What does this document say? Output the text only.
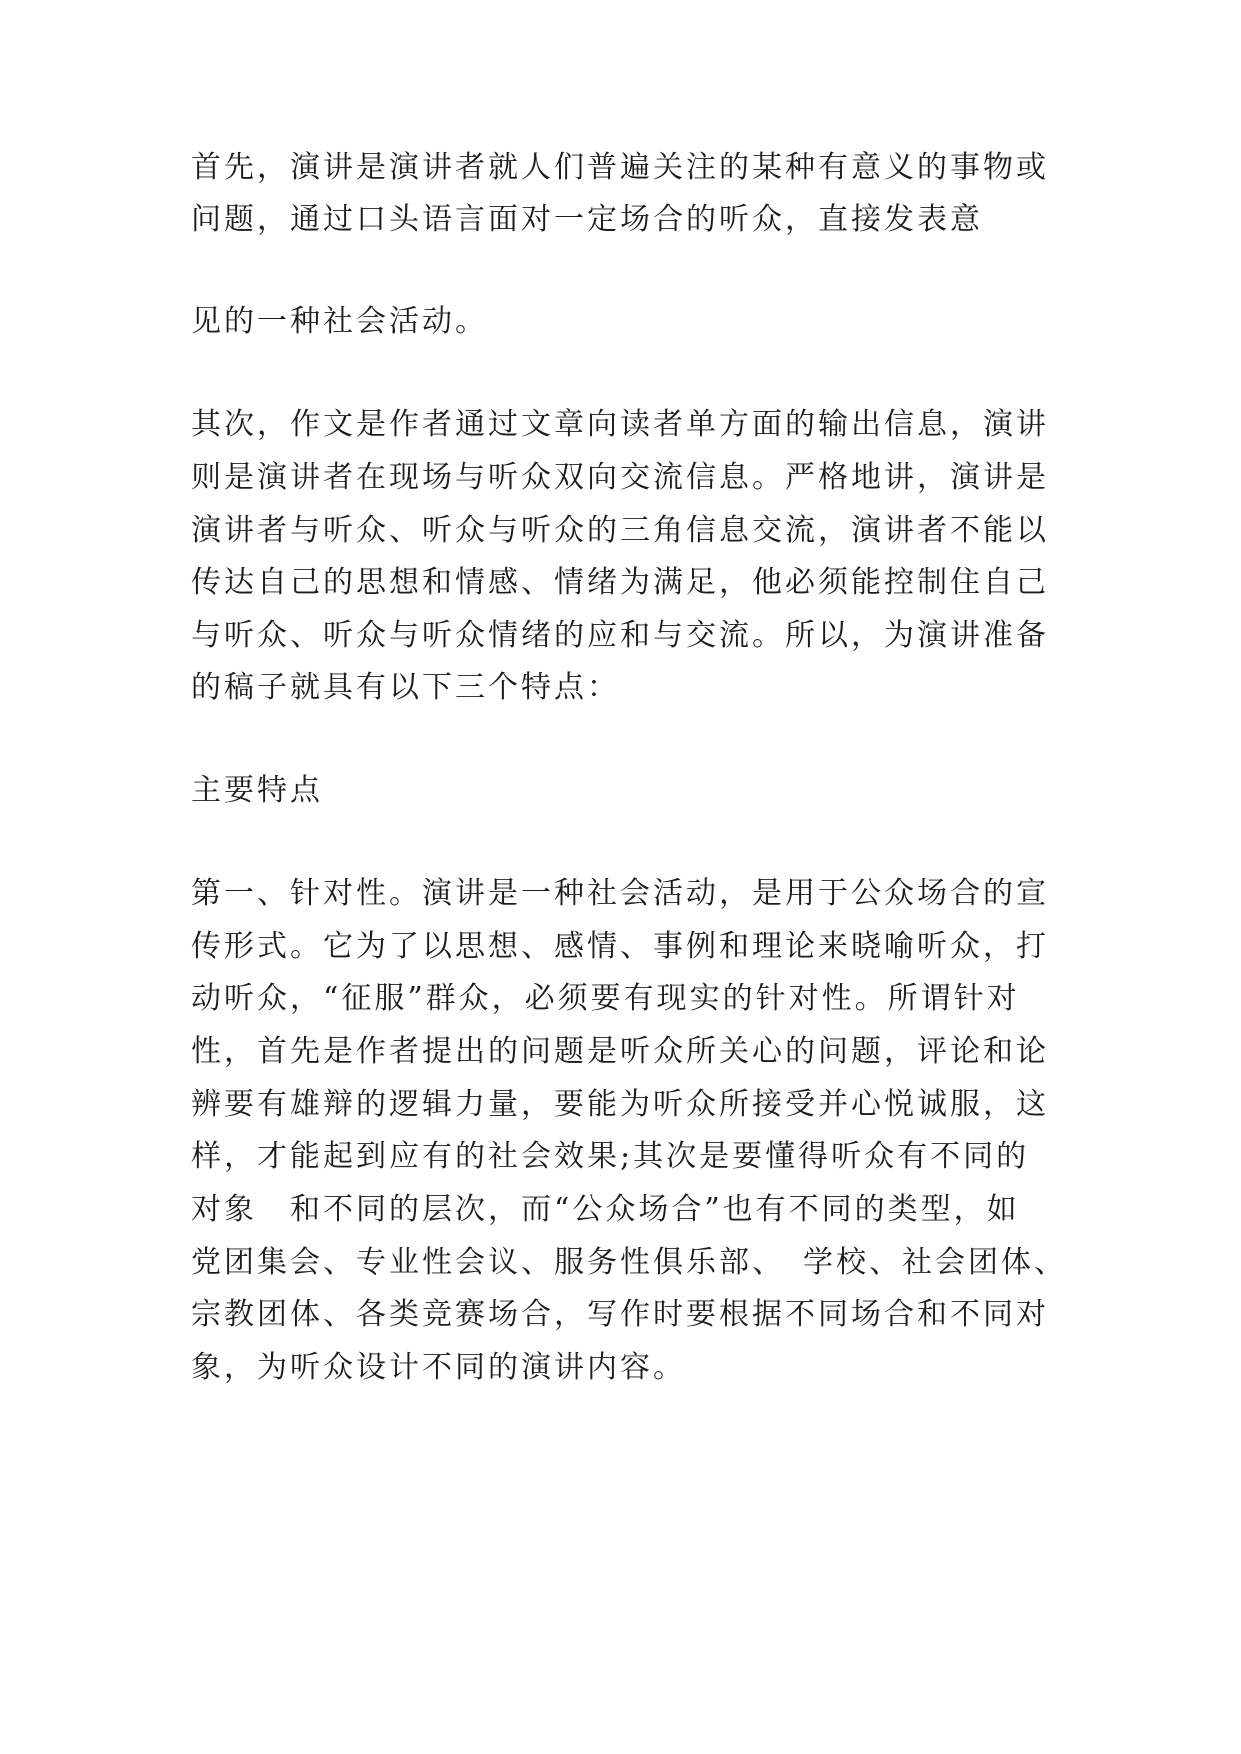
首先，演讲是演讲者就人们普遍关注的某种有意义的事物或
问题，通过口头语言面对一定场合的听众，直接发表意
见的一种社会活动。
其次，作文是作者通过文章向读者单方面的输出信息，演讲
则是演讲者在现场与听众双向交流信息。严格地讲，演讲是
演讲者与听众、听众与听众的三角信息交流，演讲者不能以
传达自己的思想和情感、情绪为满足，他必须能控制住自己
与听众、听众与听众情绪的应和与交流。所以，为演讲准备
的稿子就具有以下三个特点：
主要特点
第一、针对性。演讲是一种社会活动，是用于公众场合的宣
传形式。它为了以思想、感情、事例和理论来晓喻听众，打
动听众，“征服”群众，必须要有现实的针对性。所谓针对
性，首先是作者提出的问题是听众所关心的问题，评论和论
辨要有雄辩的逻辑力量，要能为听众所接受并心悦诚服，这
样，才能起到应有的社会效果;其次是要懂得听众有不同的
对象　和不同的层次，而“公众场合”也有不同的类型，如
党团集会、专业性会议、服务性俱乐部、　学校、社会团体、
宗教团体、各类竞赛场合，写作时要根据不同场合和不同对
象，为听众设计不同的演讲内容。
